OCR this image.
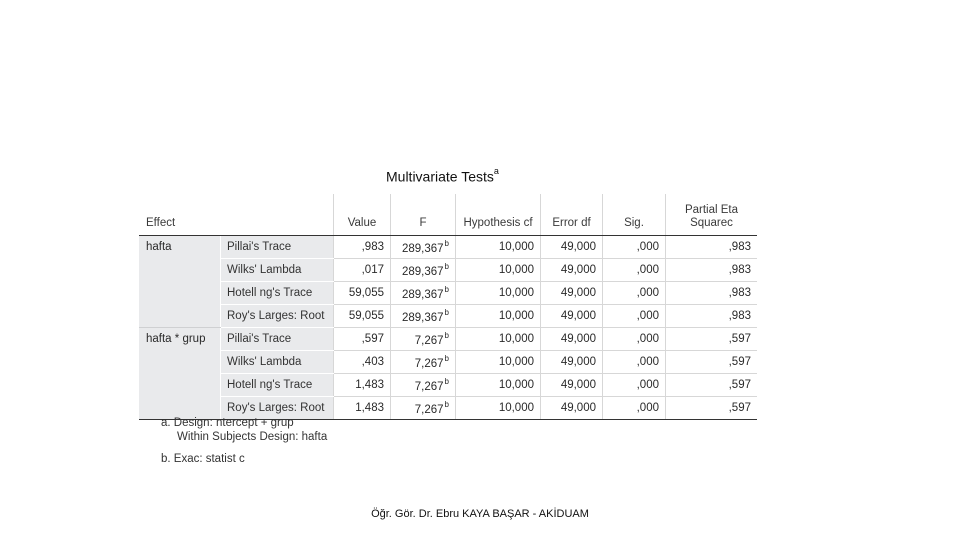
Multivariate Tests$^a$
Effect		Value	F	Hypothesis cf	Error df	Sig.	Partial Eta
Squarec
hafta	Pillai's Trace	,983	289,367$^b$	10,000	49,000	,000	,983
	Wilks' Lambda	,017	289,367$^b$	10,000	49,000	,000	,983
	Hotell ng's Trace	59,055	289,367$^b$	10,000	49,000	,000	,983
	Roy's Larges: Root	59,055	289,367$^b$	10,000	49,000	,000	,983
hafta * grup	Pillai's Trace	,597	7,267$^b$	10,000	49,000	,000	,597
	Wilks' Lambda	,403	7,267$^b$	10,000	49,000	,000	,597
	Hotell ng's Trace	1,483	7,267$^b$	10,000	49,000	,000	,597
	Roy's Larges: Root	1,483	7,267$^b$	10,000	49,000	,000	,597
a. Design: ntercept + grup
Within Subjects Design: hafta
b. Exac: statist c
Öğr. Gör. Dr. Ebru KAYA BAŞAR - AKİDUAM
